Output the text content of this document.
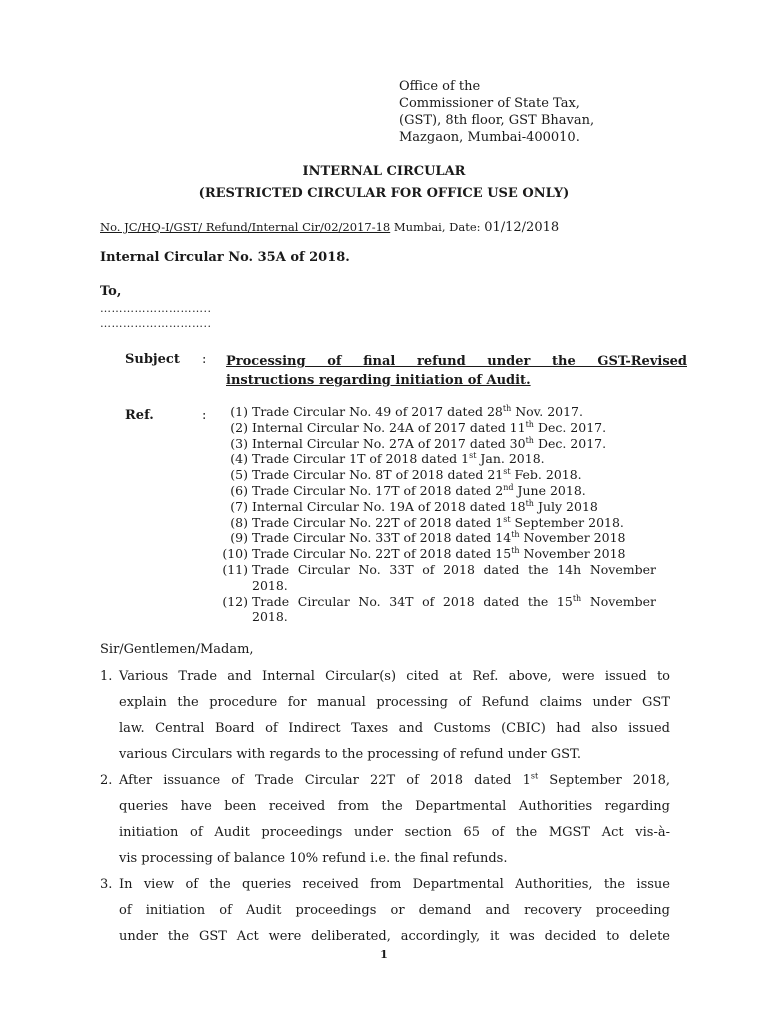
Office of the
Commissioner of State Tax,
(GST), 8th floor, GST Bhavan,
Mazgaon, Mumbai-400010.
INTERNAL CIRCULAR
(RESTRICTED CIRCULAR FOR OFFICE USE ONLY)
No. JC/HQ-I/GST/ Refund/Internal Cir/02/2017-18 Mumbai, Date: 01/12/2018
Internal Circular No. 35A of 2018.
To,
………………………..
………………………..
Subject : Processing of final refund under the GST-Revised
instructions regarding initiation of Audit.
Ref.	:	(1) Trade Circular No. 49 of 2017 dated 28th Nov. 2017.
(2) Internal Circular No. 24A of 2017 dated 11th Dec. 2017.
(3) Internal Circular No. 27A of 2017 dated 30th Dec. 2017.
(4) Trade Circular 1T of 2018 dated 1st Jan. 2018.
(5) Trade Circular No. 8T of 2018 dated 21st Feb. 2018.
(6) Trade Circular No. 17T of 2018 dated 2nd June 2018.
(7) Internal Circular No. 19A of 2018 dated 18th July 2018
(8) Trade Circular No. 22T of 2018 dated 1st September 2018.
(9) Trade Circular No. 33T of 2018 dated 14th November 2018
(10) Trade Circular No. 22T of 2018 dated 15th November 2018
(11) Trade Circular No. 33T of 2018 dated the 14h November
2018.
(12) Trade Circular No. 34T of 2018 dated the 15th November
2018.
Sir/Gentlemen/Madam,
1. Various Trade and Internal Circular(s) cited at Ref. above, were issued to
explain the procedure for manual processing of Refund claims under GST
law. Central Board of Indirect Taxes and Customs (CBIC) had also issued
various Circulars with regards to the processing of refund under GST.
2. After issuance of Trade Circular 22T of 2018 dated 1st September 2018,
queries have been received from the Departmental Authorities regarding
initiation of Audit proceedings under section 65 of the MGST Act vis-à-
vis processing of balance 10% refund i.e. the final refunds.
3. In view of the queries received from Departmental Authorities, the issue
of initiation of Audit proceedings or demand and recovery proceeding
under the GST Act were deliberated, accordingly, it was decided to delete
1
